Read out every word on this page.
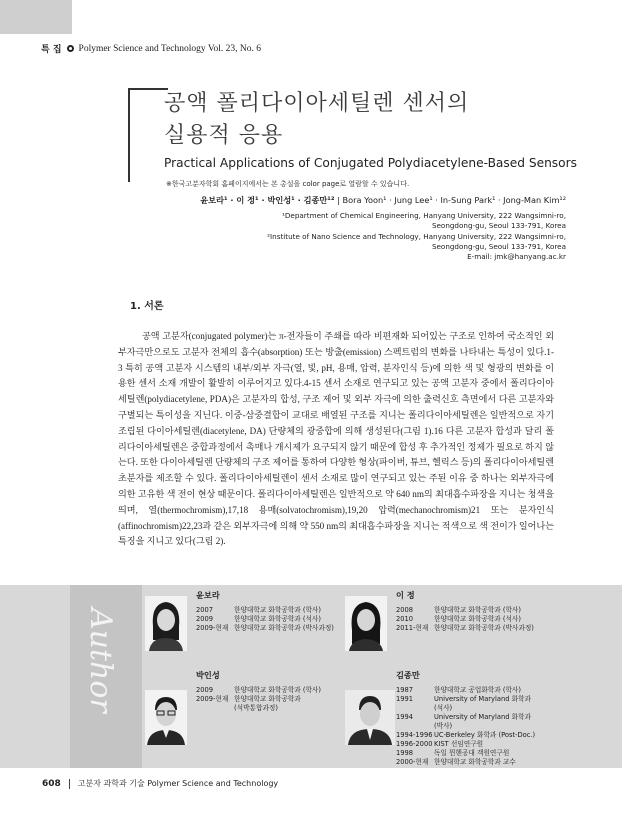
특 집 Polymer Science and Technology Vol. 23, No. 6
공액 폴리다이아세틸렌 센서의
실용적 응용
Practical Applications of Conjugated Polydiacetylene-Based Sensors
※한국고분자학회 홈페이지에서는 본 총설을 color page로 열람할 수 있습니다.
윤보라¹ · 이 정¹ · 박인성¹ · 김종만¹² | Bora Yoon¹ · Jung Lee¹ · In-Sung Park¹ · Jong-Man Kim¹²
¹Department of Chemical Engineering, Hanyang University, 222 Wangsimni-ro,
Seongdong-gu, Seoul 133-791, Korea
²Institute of Nano Science and Technology, Hanyang University, 222 Wangsimni-ro,
Seongdong-gu, Seoul 133-791, Korea
E-mail: jmk@hanyang.ac.kr
1. 서론
공액 고분자(conjugated polymer)는 π-전자들이 주쇄를 따라 비편재화 되어있는 구조로 인하여 국소적인 외부자극만으로도 고분자 전체의 흡수(absorption) 또는 방출(emission) 스펙트럼의 변화를 나타내는 특성이 있다.1-3 특히 공액 고분자 시스템의 내부/외부 자극(열, 빛, pH, 용매, 압력, 분자인식 등)에 의한 색 및 형광의 변화를 이용한 센서 소재 개발이 활발히 이루어지고 있다.4-15 센서 소재로 연구되고 있는 공액 고분자 중에서 폴리다이아세틸렌(polydiacetylene, PDA)은 고분자의 합성, 구조 제어 및 외부 자극에 의한 출력신호 측면에서 다른 고분자와 구별되는 특이성을 지닌다. 이중-삼중결합이 교대로 배열된 구조를 지니는 폴리다이아세틸렌은 일반적으로 자기조립된 다이아세틸렌(diacetylene, DA) 단량체의 광중합에 의해 생성된다(그림 1).16 다른 고분자 합성과 달리 폴리다이아세틸렌은 중합과정에서 촉매나 개시제가 요구되지 않기 때문에 합성 후 추가적인 정제가 필요로 하지 않는다. 또한 다이아세틸렌 단량체의 구조 제어를 통하여 다양한 형상(파이버, 튜브, 헬릭스 등)의 폴리다이아세틸렌 초분자를 제조할 수 있다. 폴리다이아세틸렌이 센서 소재로 많이 연구되고 있는 주된 이유 중 하나는 외부자극에 의한 고유한 색 전이 현상 때문이다. 폴리다이아세틸렌은 일반적으로 약 640 nm의 최대흡수파장을 지니는 청색을 띄며, 열(thermochromism),17,18 용매(solvatochromism),19,20 압력(mechanochromism)21 또는 분자인식(affinochromism)22,23과 같은 외부자극에 의해 약 550 nm의 최대흡수파장을 지니는 적색으로 색 전이가 일어나는 특징을 지니고 있다(그림 2).
Author
윤보라
2007	한양대학교 화학공학과 (학사)
2009	한양대학교 화학공학과 (석사)
2009-현재 한양대학교 화학공학과 (박사과정)
이 정
2008	한양대학교 화학공학과 (학사)
2010	한양대학교 화학공학과 (석사)
2011-현재 한양대학교 화학공학과 (박사과정)
박인성
2009	한양대학교 화학공학과 (학사)
2009-현재 한양대학교 화학공학과
(석박통합과정)
김종만
1987	한양대학교 공업화학과 (학사)
1991	University of Maryland 화학과
(석사)
1994	University of Maryland 화학과
(박사)
1994-1996 UC-Berkeley 화학과 (Post-Doc.)
1996-2000 KIST 선임연구원
1998	독일 뮌헨공대 객원연구원
2000-현재 한양대학교 화학공학과 교수
608 고분자 과학과 기술 Polymer Science and Technology
